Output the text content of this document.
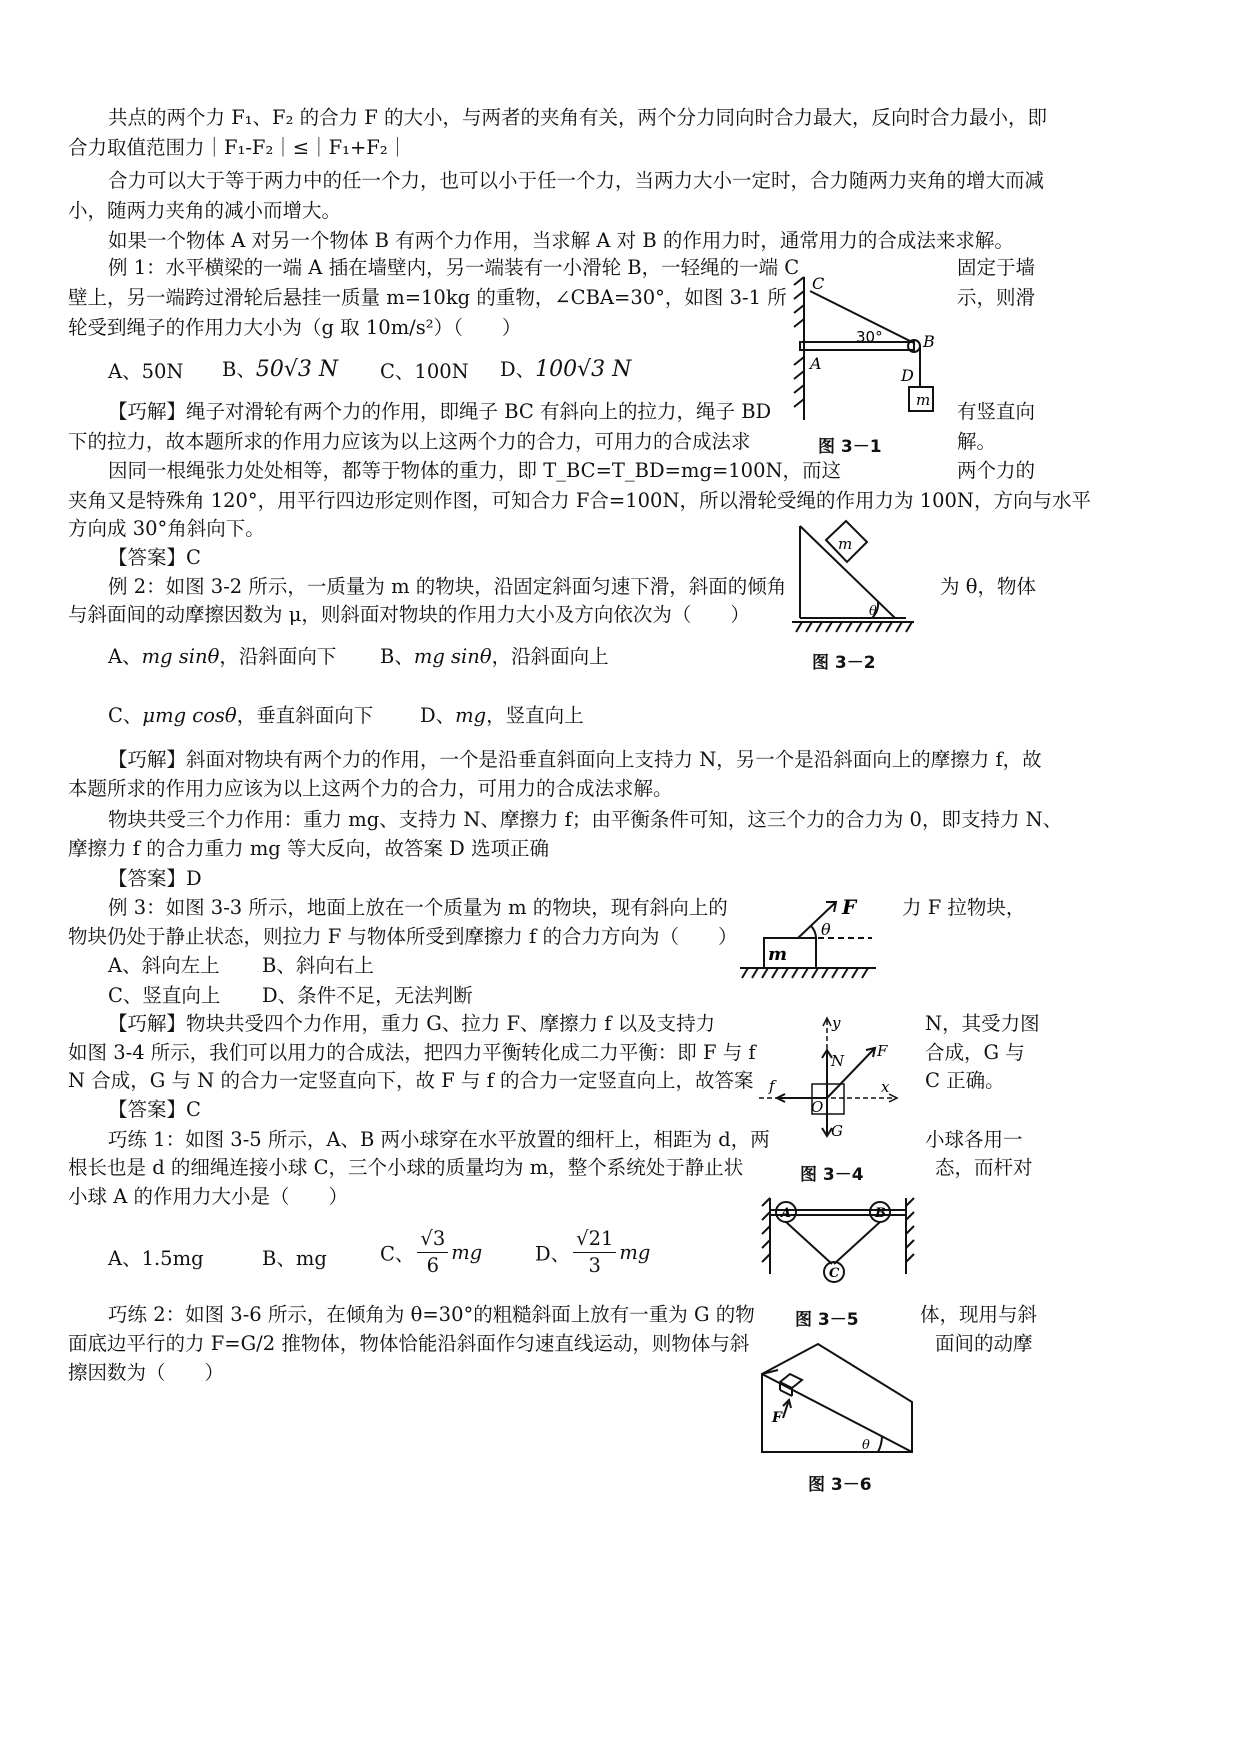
共点的两个力 F₁、F₂ 的合力 F 的大小，与两者的夹角有关，两个分力同向时合力最大，反向时合力最小，即
合力取值范围力｜F₁-F₂｜≤｜F₁+F₂｜
合力可以大于等于两力中的任一个力，也可以小于任一个力，当两力大小一定时，合力随两力夹角的增大而减
小，随两力夹角的减小而增大。
如果一个物体 A 对另一个物体 B 有两个力作用，当求解 A 对 B 的作用力时，通常用力的合成法来求解。
例 1：水平横梁的一端 A 插在墙壁内，另一端装有一小滑轮 B，一轻绳的一端 C	固定于墙
壁上，另一端跨过滑轮后悬挂一质量 m=10kg 的重物，∠CBA=30°，如图 3-1 所	示，则滑
轮受到绳子的作用力大小为（g 取 10m/s²）（　　）
A、50N B、50√3 N C、100N D、100√3 N
【巧解】绳子对滑轮有两个力的作用，即绳子 BC 有斜向上的拉力，绳子 BD	有竖直向
下的拉力，故本题所求的作用力应该为以上这两个力的合力，可用力的合成法求	解。
因同一根绳张力处处相等，都等于物体的重力，即 T_BC=T_BD=mg=100N，而这	两个力的
夹角又是特殊角 120°，用平行四边形定则作图，可知合力 F合=100N，所以滑轮受绳的作用力为 100N，方向与水平
方向成 30°角斜向下。
【答案】C
例 2：如图 3-2 所示，一质量为 m 的物块，沿固定斜面匀速下滑，斜面的倾角	为 θ，物体
与斜面间的动摩擦因数为 μ，则斜面对物块的作用力大小及方向依次为（　　）
A、mg sinθ，沿斜面向下 B、mg sinθ，沿斜面向上
C、μmg cosθ，垂直斜面向下 D、mg，竖直向上
【巧解】斜面对物块有两个力的作用，一个是沿垂直斜面向上支持力 N，另一个是沿斜面向上的摩擦力 f，故
本题所求的作用力应该为以上这两个力的合力，可用力的合成法求解。
物块共受三个力作用：重力 mg、支持力 N、摩擦力 f；由平衡条件可知，这三个力的合力为 0，即支持力 N、
摩擦力 f 的合力重力 mg 等大反向，故答案 D 选项正确
【答案】D
例 3：如图 3-3 所示，地面上放在一个质量为 m 的物块，现有斜向上的	力 F 拉物块，
物块仍处于静止状态，则拉力 F 与物体所受到摩擦力 f 的合力方向为（　　）
A、斜向左上 B、斜向右上
C、竖直向上 D、条件不足，无法判断
【巧解】物块共受四个力作用，重力 G、拉力 F、摩擦力 f 以及支持力	N，其受力图
如图 3-4 所示，我们可以用力的合成法，把四力平衡转化成二力平衡：即 F 与 f	合成，G 与
N 合成，G 与 N 的合力一定竖直向下，故 F 与 f 的合力一定竖直向上，故答案	C 正确。
【答案】C
巧练 1：如图 3-5 所示，A、B 两小球穿在水平放置的细杆上，相距为 d，两	小球各用一
根长也是 d 的细绳连接小球 C，三个小球的质量均为 m，整个系统处于静止状	态，而杆对
小球 A 的作用力大小是（　　）
A、1.5mg	B、mg	C、 $\frac{√3}{6}$ mg	D、 $\frac{√21}{3}$ mg
巧练 2：如图 3-6 所示，在倾角为 θ=30°的粗糙斜面上放有一重为 G 的物	体，现用与斜
面底边平行的力 F=G/2 推物体，物体恰能沿斜面作匀速直线运动，则物体与斜	面间的动摩
擦因数为（　　）
C
30°	B
A
D
m
图 3－1
m
θ
图 3－2
F
m
θ
y
x
N
F
f
O
G
图 3－4
A	B
C
图 3－5
F
θ
图 3－6
